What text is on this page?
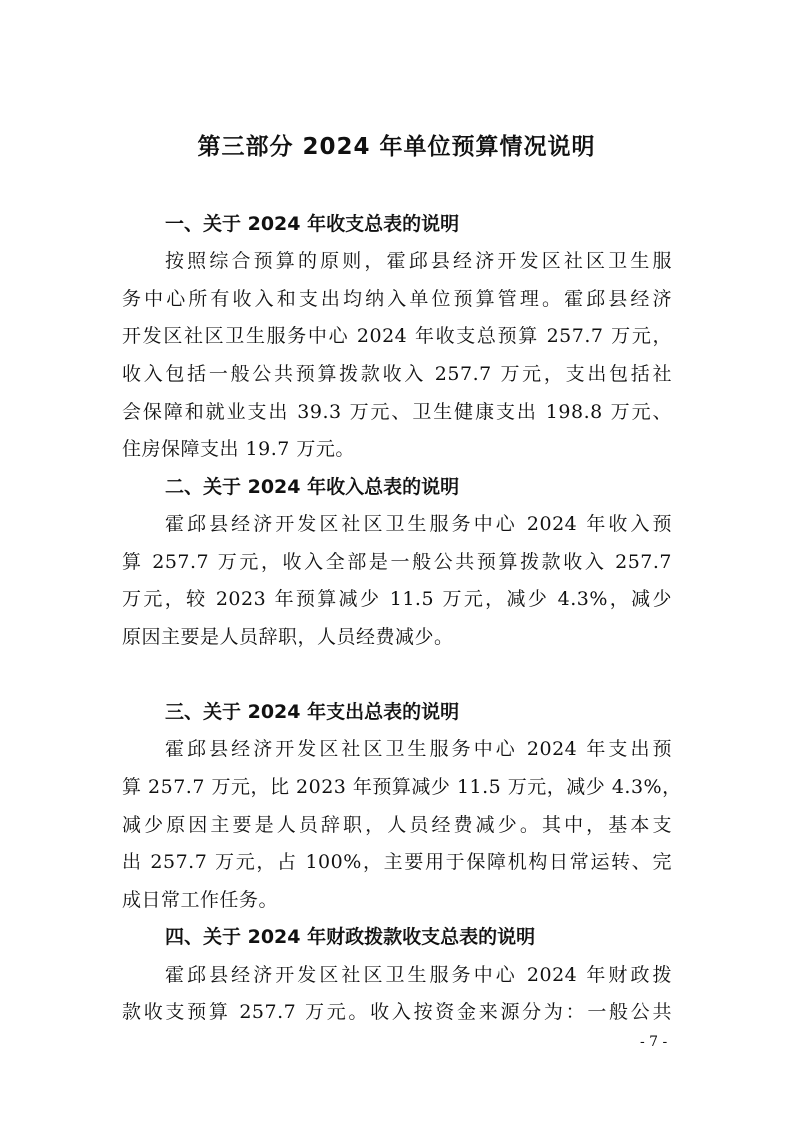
第三部分 2024 年单位预算情况说明
一、关于 2024 年收支总表的说明
按照综合预算的原则，霍邱县经济开发区社区卫生服
务中心所有收入和支出均纳入单位预算管理。霍邱县经济
开发区社区卫生服务中心 2024 年收支总预算 257.7 万元，
收入包括一般公共预算拨款收入 257.7 万元，支出包括社
会保障和就业支出 39.3 万元、卫生健康支出 198.8 万元、
住房保障支出 19.7 万元。
二、关于 2024 年收入总表的说明
霍邱县经济开发区社区卫生服务中心 2024 年收入预
算 257.7 万元，收入全部是一般公共预算拨款收入 257.7
万元，较 2023 年预算减少 11.5 万元，减少 4.3%，减少
原因主要是人员辞职，人员经费减少。
三、关于 2024 年支出总表的说明
霍邱县经济开发区社区卫生服务中心 2024 年支出预
算 257.7 万元，比 2023 年预算减少 11.5 万元，减少 4.3%，
减少原因主要是人员辞职，人员经费减少。其中，基本支
出 257.7 万元，占 100%，主要用于保障机构日常运转、完
成日常工作任务。
四、关于 2024 年财政拨款收支总表的说明
霍邱县经济开发区社区卫生服务中心 2024 年财政拨
款收支预算 257.7 万元。收入按资金来源分为：一般公共
- 7 -
